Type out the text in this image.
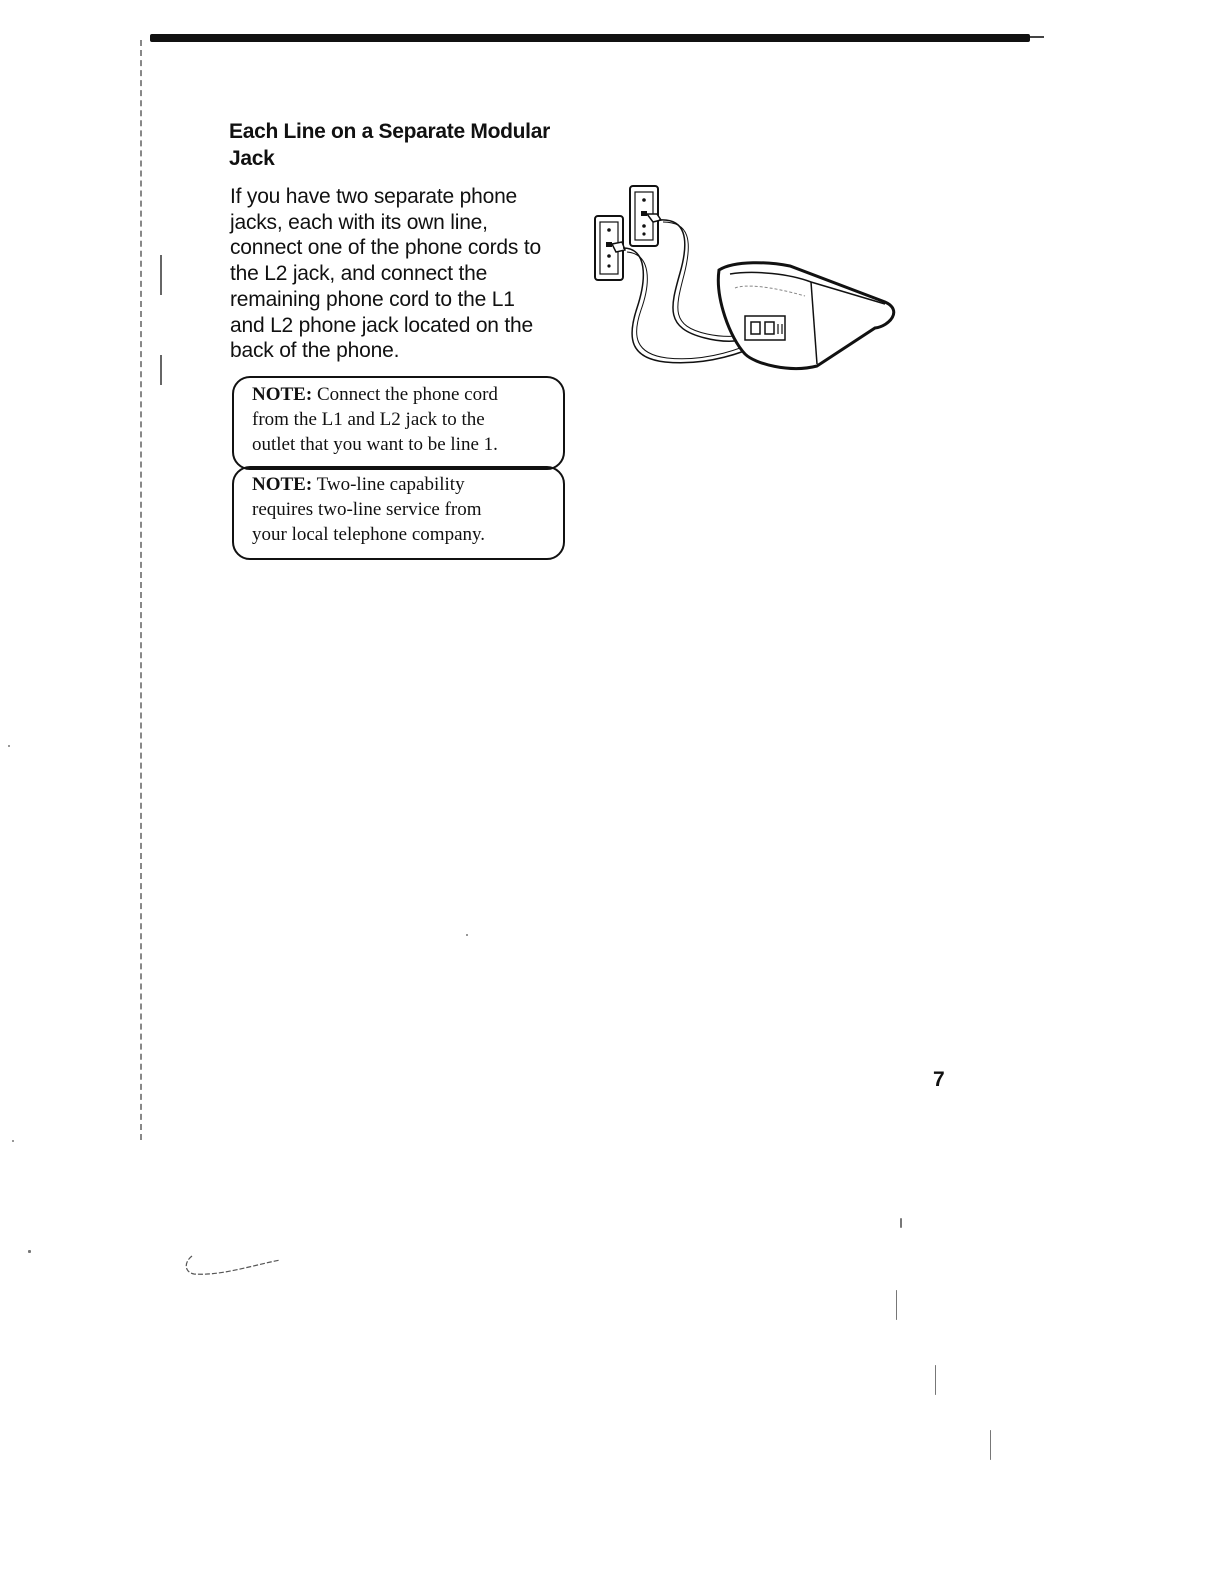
Each Line on a Separate Modular
Jack

If you have two separate phone
jacks, each with its own line,
connect one of the phone cords to
the L2 jack, and connect the
remaining phone cord to the L1
and L2 phone jack located on the
back of the phone.

NOTE: Connect the phone cord
from the L1 and L2 jack to the
outlet that you want to be line 1.
NOTE: Two-line capability
requires two-line service from
your local telephone company.
7
